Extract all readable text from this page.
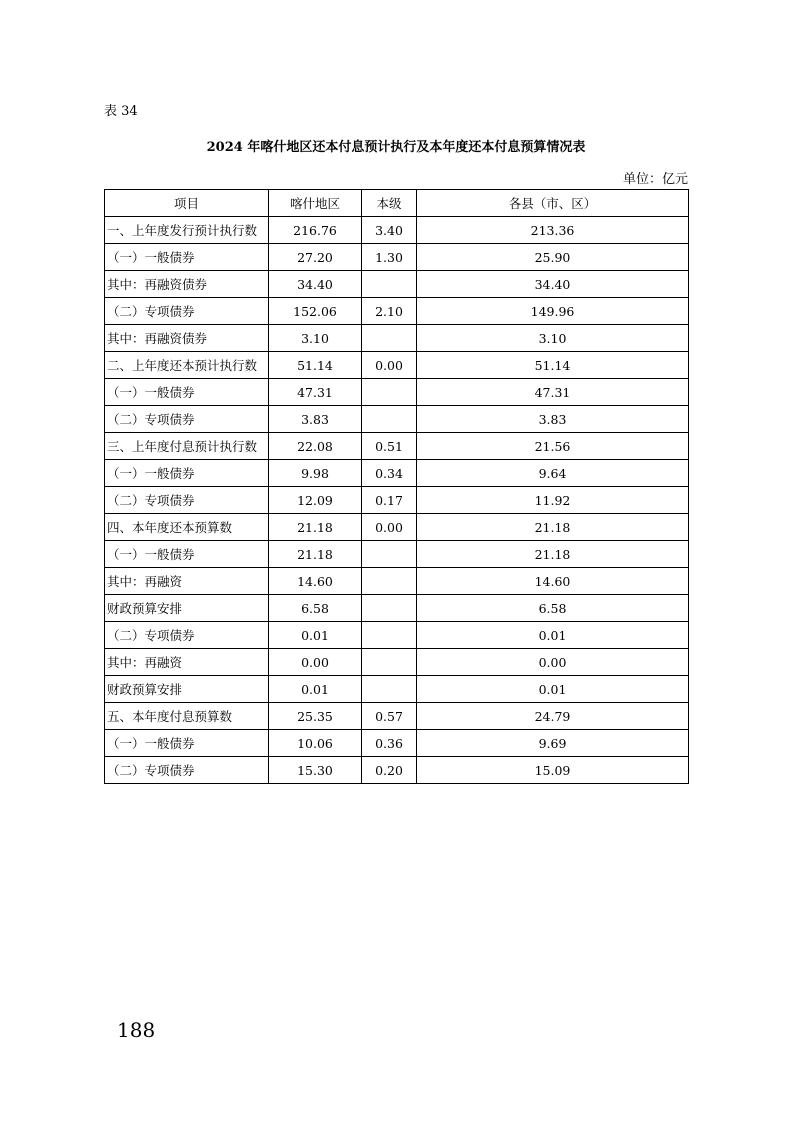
表 34
2024 年喀什地区还本付息预计执行及本年度还本付息预算情况表
单位：亿元
项目	喀什地区	本级	各县（市、区）
一、上年度发行预计执行数	216.76	3.40	213.36
（一）一般债券	27.20	1.30	25.90
其中：再融资债券	34.40		34.40
（二）专项债券	152.06	2.10	149.96
其中：再融资债券	3.10		3.10
二、上年度还本预计执行数	51.14	0.00	51.14
（一）一般债券	47.31		47.31
（二）专项债券	3.83		3.83
三、上年度付息预计执行数	22.08	0.51	21.56
（一）一般债券	9.98	0.34	9.64
（二）专项债券	12.09	0.17	11.92
四、本年度还本预算数	21.18	0.00	21.18
（一）一般债券	21.18		21.18
其中：再融资	14.60		14.60
财政预算安排	6.58		6.58
（二）专项债券	0.01		0.01
其中：再融资	0.00		0.00
财政预算安排	0.01		0.01
五、本年度付息预算数	25.35	0.57	24.79
（一）一般债券	10.06	0.36	9.69
（二）专项债券	15.30	0.20	15.09
188
